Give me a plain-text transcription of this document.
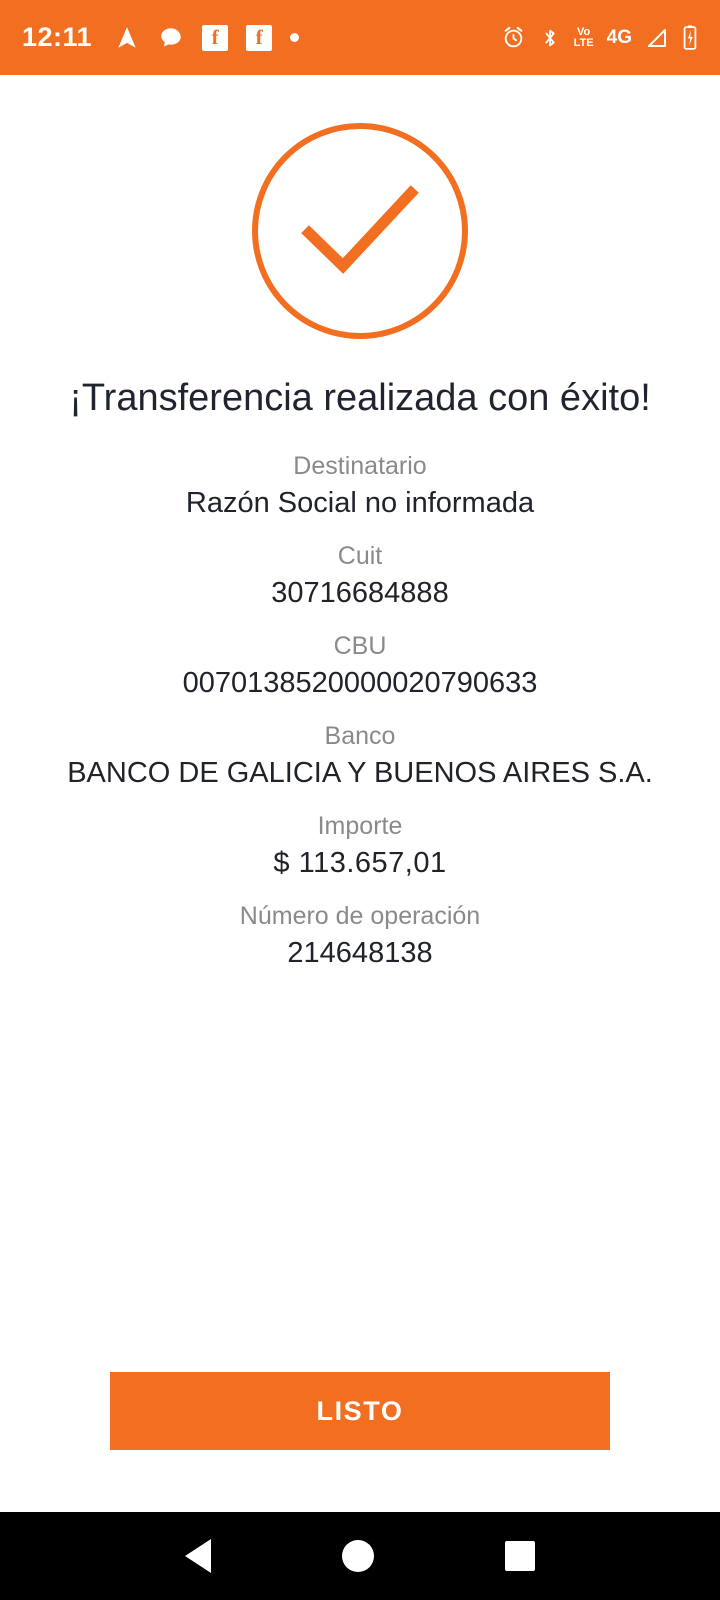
12:11	f	f	Vo
LTE 4G
¡Transferencia realizada con éxito!
Destinatario
Razón Social no informada
Cuit
30716684888
CBU
0070138520000020790633
Banco
BANCO DE GALICIA Y BUENOS AIRES S.A.
Importe
$ 113.657,01
Número de operación
214648138
LISTO
